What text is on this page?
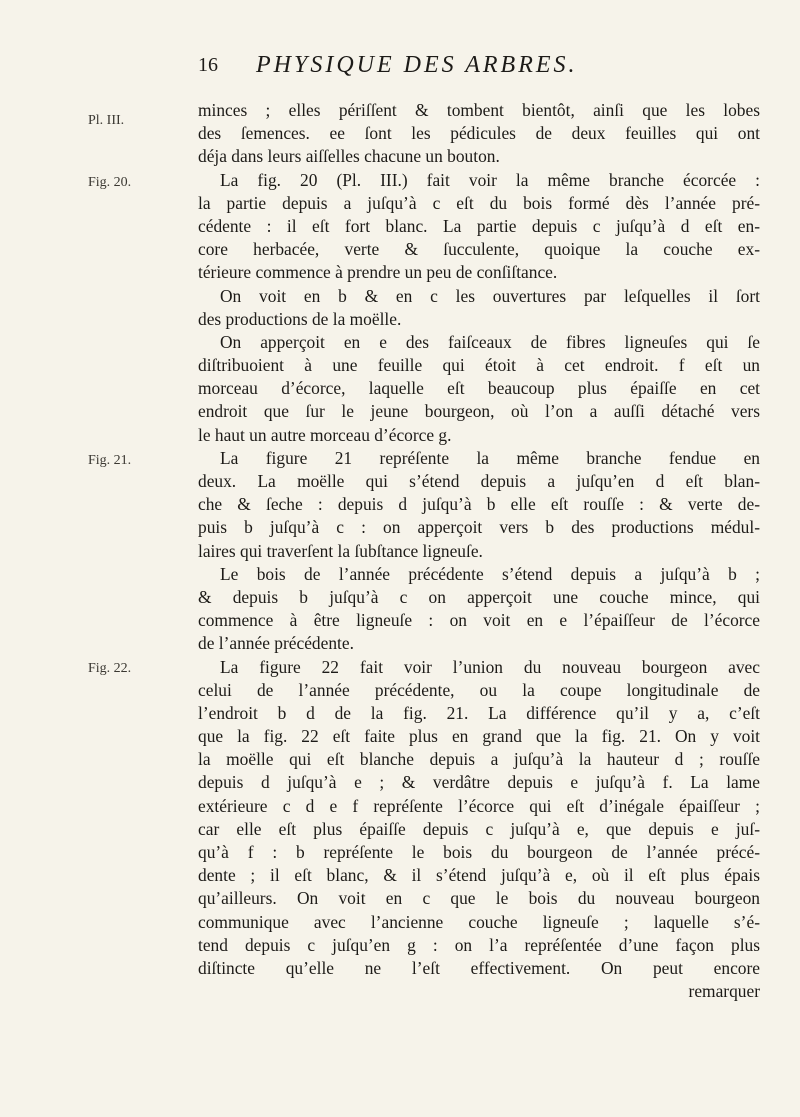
16 PHYSIQUE DES ARBRES.
Pl. III.
Fig. 20.
Fig. 21.
Fig. 22.
minces ; elles périſſent & tombent bientôt, ainſi que les lobes
des ſemences. ee ſont les pédicules de deux feuilles qui ont
déja dans leurs aiſſelles chacune un bouton.
La fig. 20 (Pl. III.) fait voir la même branche écorcée :
la partie depuis a juſqu’à c eſt du bois formé dès l’année pré-
cédente : il eſt fort blanc. La partie depuis c juſqu’à d eſt en-
core herbacée, verte & ſucculente, quoique la couche ex-
térieure commence à prendre un peu de conſiſtance.
On voit en b & en c les ouvertures par leſquelles il ſort
des productions de la moëlle.
On apperçoit en e des faiſceaux de fibres ligneuſes qui ſe
diſtribuoient à une feuille qui étoit à cet endroit. f eſt un
morceau d’écorce, laquelle eſt beaucoup plus épaiſſe en cet
endroit que ſur le jeune bourgeon, où l’on a auſſi détaché vers
le haut un autre morceau d’écorce g.
La figure 21 repréſente la même branche fendue en
deux. La moëlle qui s’étend depuis a juſqu’en d eſt blan-
che & ſeche : depuis d juſqu’à b elle eſt rouſſe : & verte de-
puis b juſqu’à c : on apperçoit vers b des productions médul-
laires qui traverſent la ſubſtance ligneuſe.
Le bois de l’année précédente s’étend depuis a juſqu’à b ;
& depuis b juſqu’à c on apperçoit une couche mince, qui
commence à être ligneuſe : on voit en e l’épaiſſeur de l’écorce
de l’année précédente.
La figure 22 fait voir l’union du nouveau bourgeon avec
celui de l’année précédente, ou la coupe longitudinale de
l’endroit b d de la fig. 21. La différence qu’il y a, c’eſt
que la fig. 22 eſt faite plus en grand que la fig. 21. On y voit
la moëlle qui eſt blanche depuis a juſqu’à la hauteur d ; rouſſe
depuis d juſqu’à e ; & verdâtre depuis e juſqu’à f. La lame
extérieure c d e f repréſente l’écorce qui eſt d’inégale épaiſſeur ;
car elle eſt plus épaiſſe depuis c juſqu’à e, que depuis e juſ-
qu’à f : b repréſente le bois du bourgeon de l’année précé-
dente ; il eſt blanc, & il s’étend juſqu’à e, où il eſt plus épais
qu’ailleurs. On voit en c que le bois du nouveau bourgeon
communique avec l’ancienne couche ligneuſe ; laquelle s’é-
tend depuis c juſqu’en g : on l’a repréſentée d’une façon plus
diſtincte qu’elle ne l’eſt effectivement. On peut encore
remarquer
